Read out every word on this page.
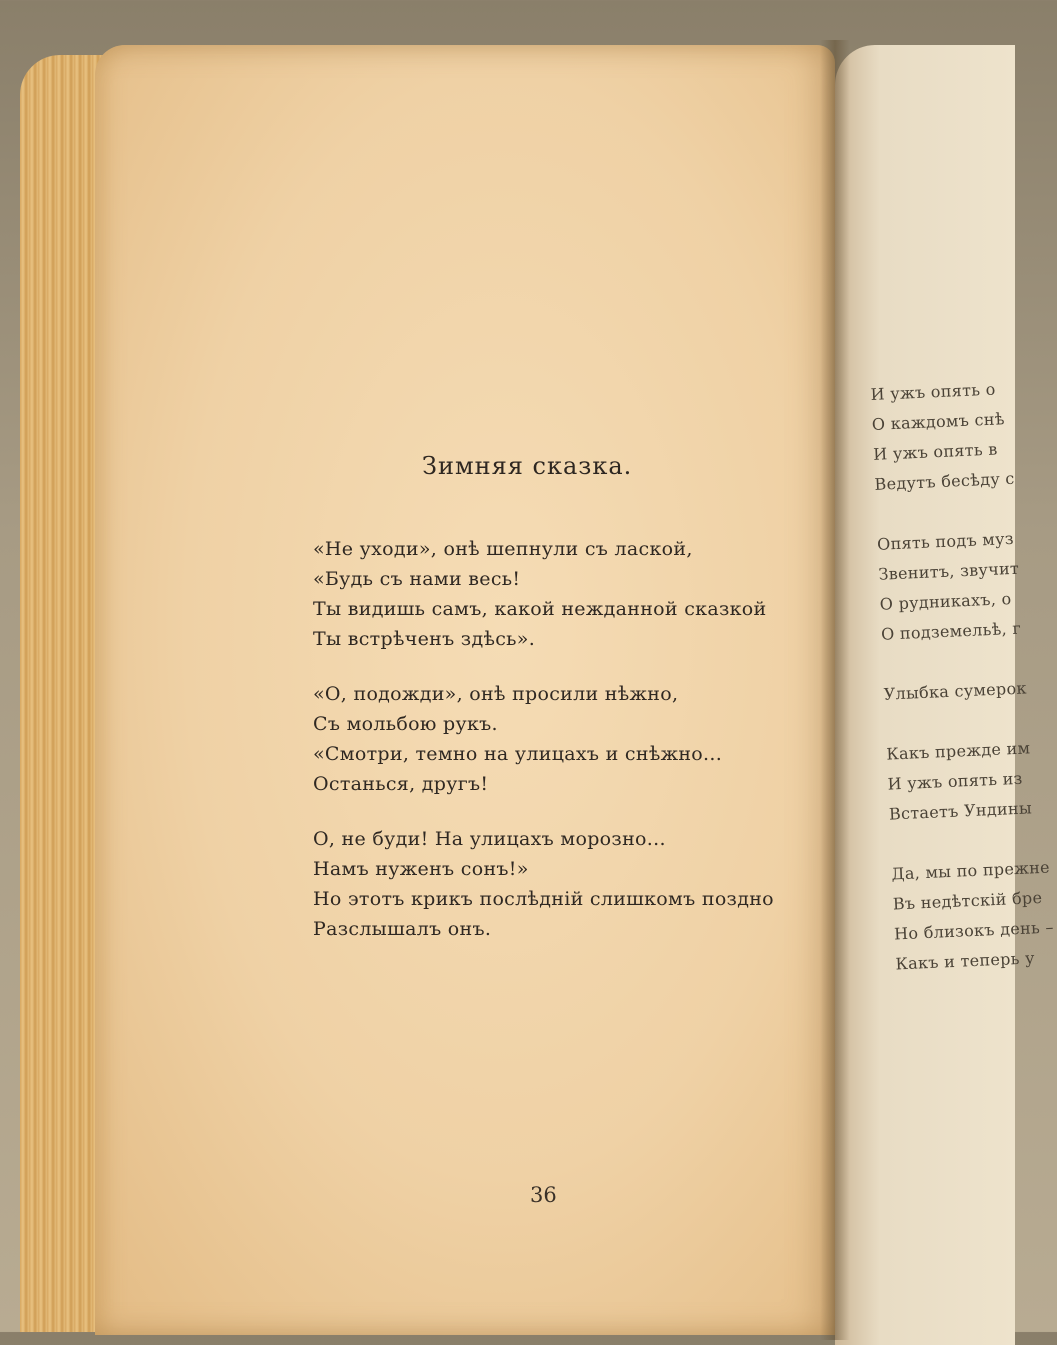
Зимняя сказка.
«Не уходи», онѣ шепнули съ лаской,
«Будь съ нами весь!
Ты видишь самъ, какой нежданной сказкой
Ты встрѣченъ здѣсь».
«О, подожди», онѣ просили нѣжно,
Съ мольбою рукъ.
«Смотри, темно на улицахъ и снѣжно...
Останься, другъ!
О, не буди! На улицахъ морозно...
Намъ нуженъ сонъ!»
Но этотъ крикъ послѣдній слишкомъ поздно
Разслышалъ онъ.
36
И ужъ опять о
О каждомъ снѣ
И ужъ опять в
Ведутъ бесѣду с
Опять подъ муз
Звенитъ, звучит
О рудникахъ, о
О подземельѣ, г
Улыбка сумерок
Какъ прежде им
И ужъ опять из
Встаетъ Ундины
Да, мы по прежне
Въ недѣтскій бре
Но близокъ день –
Какъ и теперь у
